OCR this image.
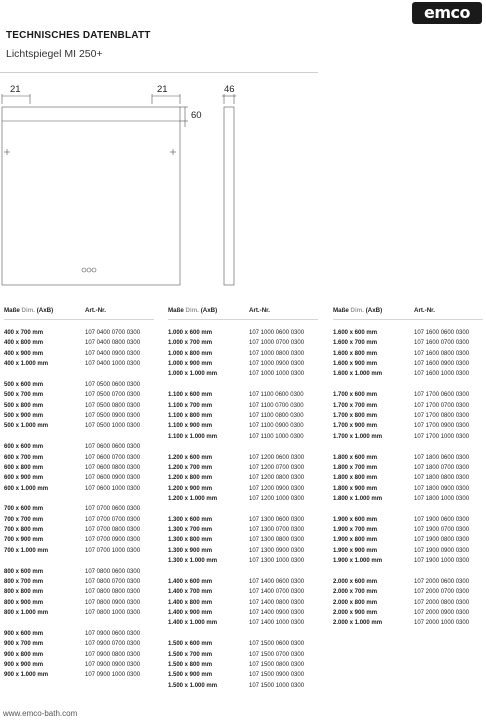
emco
TECHNISCHES DATENBLATT
Lichtspiegel MI 250+
21	21	46
60
Maße Dim. (AxB)	Art.-Nr.	Maße Dim. (AxB)	Art.-Nr.	Maße Dim. (AxB)	Art.-Nr.
400 x 700 mm	107 0400 0700 0300
400 x 800 mm	107 0400 0800 0300
400 x 900 mm	107 0400 0900 0300
400 x 1.000 mm	107 0400 1000 0300
500 x 600 mm	107 0500 0600 0300
500 x 700 mm	107 0500 0700 0300
500 x 800 mm	107 0500 0800 0300
500 x 900 mm	107 0500 0900 0300
500 x 1.000 mm	107 0500 1000 0300
600 x 600 mm	107 0600 0600 0300
600 x 700 mm	107 0600 0700 0300
600 x 800 mm	107 0600 0800 0300
600 x 900 mm	107 0600 0900 0300
600 x 1.000 mm	107 0600 1000 0300
700 x 600 mm	107 0700 0600 0300
700 x 700 mm	107 0700 0700 0300
700 x 800 mm	107 0700 0800 0300
700 x 900 mm	107 0700 0900 0300
700 x 1.000 mm	107 0700 1000 0300
800 x 600 mm	107 0800 0600 0300
800 x 700 mm	107 0800 0700 0300
800 x 800 mm	107 0800 0800 0300
800 x 900 mm	107 0800 0900 0300
800 x 1.000 mm	107 0800 1000 0300
900 x 600 mm	107 0900 0600 0300
900 x 700 mm	107 0900 0700 0300
900 x 800 mm	107 0900 0800 0300
900 x 900 mm	107 0900 0900 0300
900 x 1.000 mm	107 0900 1000 0300
1.000 x 600 mm	107 1000 0600 0300
1.000 x 700 mm	107 1000 0700 0300
1.000 x 800 mm	107 1000 0800 0300
1.000 x 900 mm	107 1000 0900 0300
1.000 x 1.000 mm	107 1000 1000 0300
1.100 x 600 mm	107 1100 0600 0300
1.100 x 700 mm	107 1100 0700 0300
1.100 x 800 mm	107 1100 0800 0300
1.100 x 900 mm	107 1100 0900 0300
1.100 x 1.000 mm	107 1100 1000 0300
1.200 x 600 mm	107 1200 0600 0300
1.200 x 700 mm	107 1200 0700 0300
1.200 x 800 mm	107 1200 0800 0300
1.200 x 900 mm	107 1200 0900 0300
1.200 x 1.000 mm	107 1200 1000 0300
1.300 x 600 mm	107 1300 0600 0300
1.300 x 700 mm	107 1300 0700 0300
1.300 x 800 mm	107 1300 0800 0300
1.300 x 900 mm	107 1300 0900 0300
1.300 x 1.000 mm	107 1300 1000 0300
1.400 x 600 mm	107 1400 0600 0300
1.400 x 700 mm	107 1400 0700 0300
1.400 x 800 mm	107 1400 0800 0300
1.400 x 900 mm	107 1400 0900 0300
1.400 x 1.000 mm	107 1400 1000 0300
1.500 x 600 mm	107 1500 0600 0300
1.500 x 700 mm	107 1500 0700 0300
1.500 x 800 mm	107 1500 0800 0300
1.500 x 900 mm	107 1500 0900 0300
1.500 x 1.000 mm	107 1500 1000 0300
1.600 x 600 mm	107 1600 0600 0300
1.600 x 700 mm	107 1600 0700 0300
1.600 x 800 mm	107 1600 0800 0300
1.600 x 900 mm	107 1600 0900 0300
1.600 x 1.000 mm	107 1600 1000 0300
1.700 x 600 mm	107 1700 0600 0300
1.700 x 700 mm	107 1700 0700 0300
1.700 x 800 mm	107 1700 0800 0300
1.700 x 900 mm	107 1700 0900 0300
1.700 x 1.000 mm	107 1700 1000 0300
1.800 x 600 mm	107 1800 0600 0300
1.800 x 700 mm	107 1800 0700 0300
1.800 x 800 mm	107 1800 0800 0300
1.800 x 900 mm	107 1800 0900 0300
1.800 x 1.000 mm	107 1800 1000 0300
1.900 x 600 mm	107 1900 0600 0300
1.900 x 700 mm	107 1900 0700 0300
1.900 x 800 mm	107 1900 0800 0300
1.900 x 900 mm	107 1900 0900 0300
1.900 x 1.000 mm	107 1900 1000 0300
2.000 x 600 mm	107 2000 0600 0300
2.000 x 700 mm	107 2000 0700 0300
2.000 x 800 mm	107 2000 0800 0300
2.000 x 900 mm	107 2000 0900 0300
2.000 x 1.000 mm	107 2000 1000 0300
www.emco-bath.com
